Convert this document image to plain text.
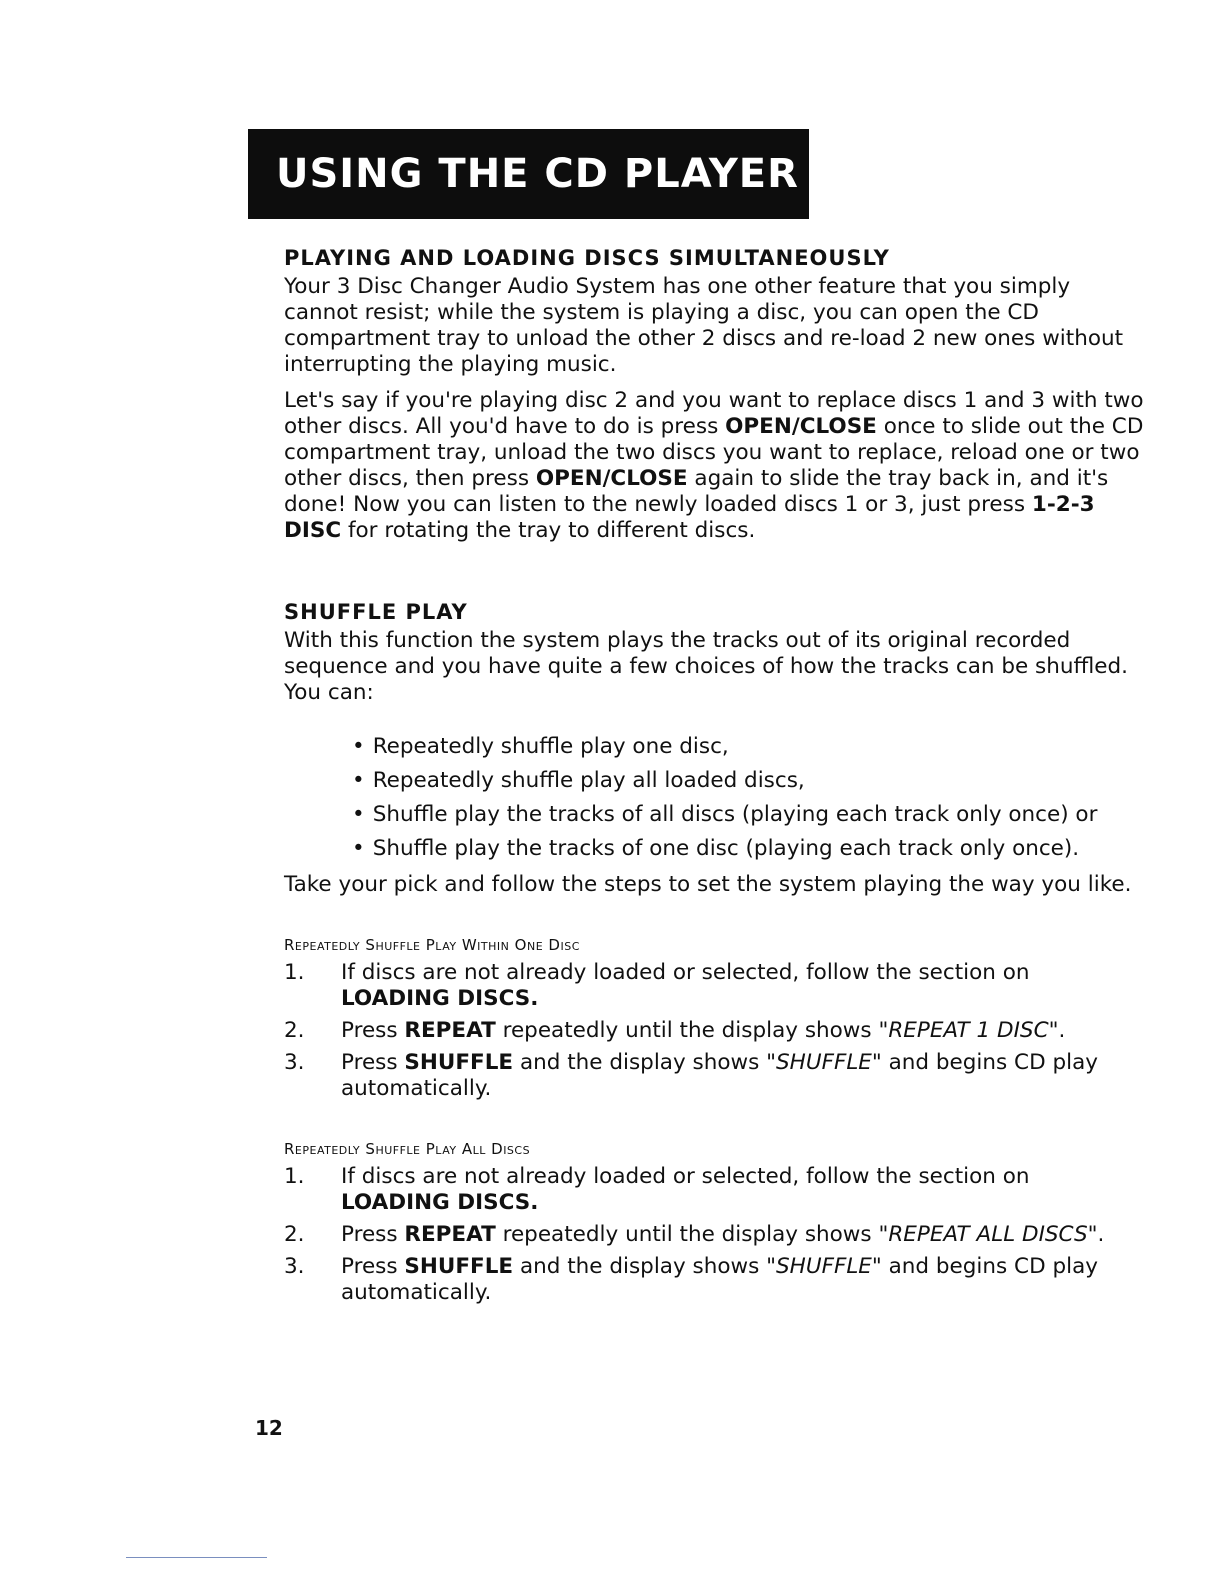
USING THE CD PLAYER
PLAYING AND LOADING DISCS SIMULTANEOUSLY

Your 3 Disc Changer Audio System has one other feature that you simply cannot resist; while the system is playing a disc, you can open the CD compartment tray to unload the other 2 discs and re-load 2 new ones without interrupting the playing music.

Let's say if you're playing disc 2 and you want to replace discs 1 and 3 with two other discs. All you'd have to do is press OPEN/CLOSE once to slide out the CD compartment tray, unload the two discs you want to replace, reload one or two other discs, then press OPEN/CLOSE again to slide the tray back in, and it's done! Now you can listen to the newly loaded discs 1 or 3, just press 1-2-3 DISC for rotating the tray to different discs.

SHUFFLE PLAY

With this function the system plays the tracks out of its original recorded sequence and you have quite a few choices of how the tracks can be shuffled. You can:

• Repeatedly shuffle play one disc,
• Repeatedly shuffle play all loaded discs,
• Shuffle play the tracks of all discs (playing each track only once) or
• Shuffle play the tracks of one disc (playing each track only once).

Take your pick and follow the steps to set the system playing the way you like.

Repeatedly Shuffle Play Within One Disc
1.	If discs are not already loaded or selected, follow the section on LOADING DISCS.
2.	Press REPEAT repeatedly until the display shows "REPEAT 1 DISC".
3.	Press SHUFFLE and the display shows "SHUFFLE" and begins CD play automatically.
Repeatedly Shuffle Play All Discs
1.	If discs are not already loaded or selected, follow the section on LOADING DISCS.
2.	Press REPEAT repeatedly until the display shows "REPEAT ALL DISCS".
3.	Press SHUFFLE and the display shows "SHUFFLE" and begins CD play automatically.
12
